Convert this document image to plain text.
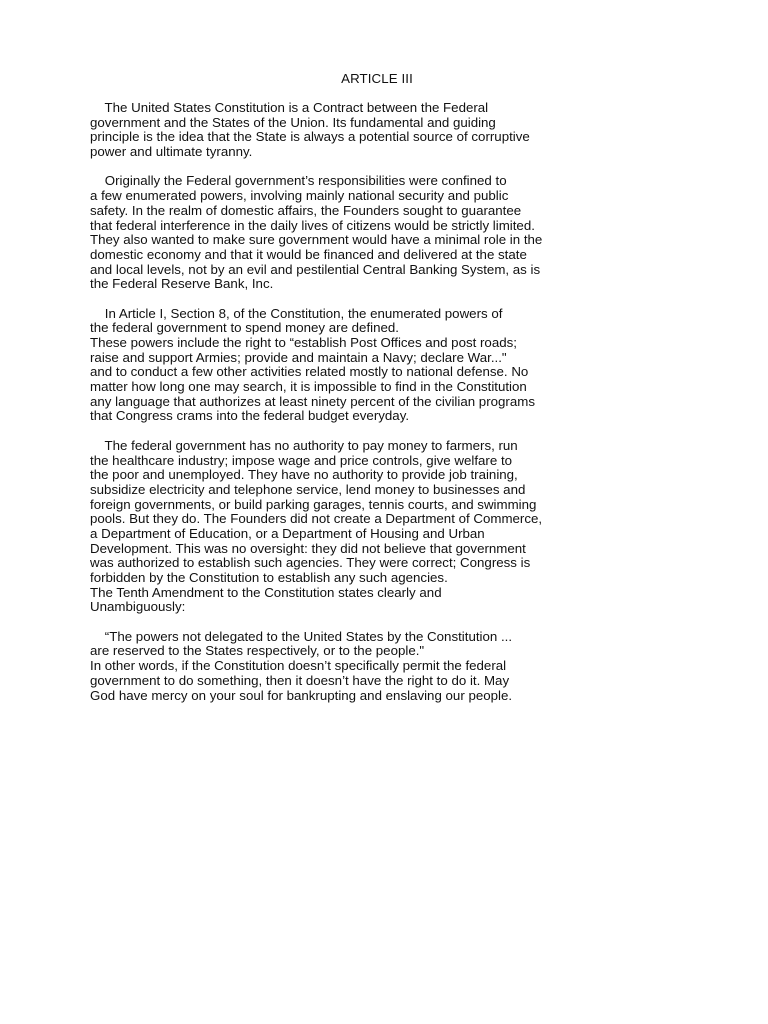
ARTICLE III
The United States Constitution is a Contract between the Federal
government and the States of the Union. Its fundamental and guiding
principle is the idea that the State is always a potential source of corruptive
power and ultimate tyranny.
Originally the Federal government’s responsibilities were confined to
a few enumerated powers, involving mainly national security and public
safety. In the realm of domestic affairs, the Founders sought to guarantee
that federal interference in the daily lives of citizens would be strictly limited.
They also wanted to make sure government would have a minimal role in the
domestic economy and that it would be financed and delivered at the state
and local levels, not by an evil and pestilential Central Banking System, as is
the Federal Reserve Bank, Inc.
In Article I, Section 8, of the Constitution, the enumerated powers of
the federal government to spend money are defined.
These powers include the right to “establish Post Offices and post roads;
raise and support Armies; provide and maintain a Navy; declare War..."
and to conduct a few other activities related mostly to national defense. No
matter how long one may search, it is impossible to find in the Constitution
any language that authorizes at least ninety percent of the civilian programs
that Congress crams into the federal budget everyday.
The federal government has no authority to pay money to farmers, run
the healthcare industry; impose wage and price controls, give welfare to
the poor and unemployed. They have no authority to provide job training,
subsidize electricity and telephone service, lend money to businesses and
foreign governments, or build parking garages, tennis courts, and swimming
pools. But they do. The Founders did not create a Department of Commerce,
a Department of Education, or a Department of Housing and Urban
Development. This was no oversight: they did not believe that government
was authorized to establish such agencies. They were correct; Congress is
forbidden by the Constitution to establish any such agencies.
The Tenth Amendment to the Constitution states clearly and
Unambiguously:
“The powers not delegated to the United States by the Constitution ...
are reserved to the States respectively, or to the people."
In other words, if the Constitution doesn’t specifically permit the federal
government to do something, then it doesn’t have the right to do it. May
God have mercy on your soul for bankrupting and enslaving our people.
